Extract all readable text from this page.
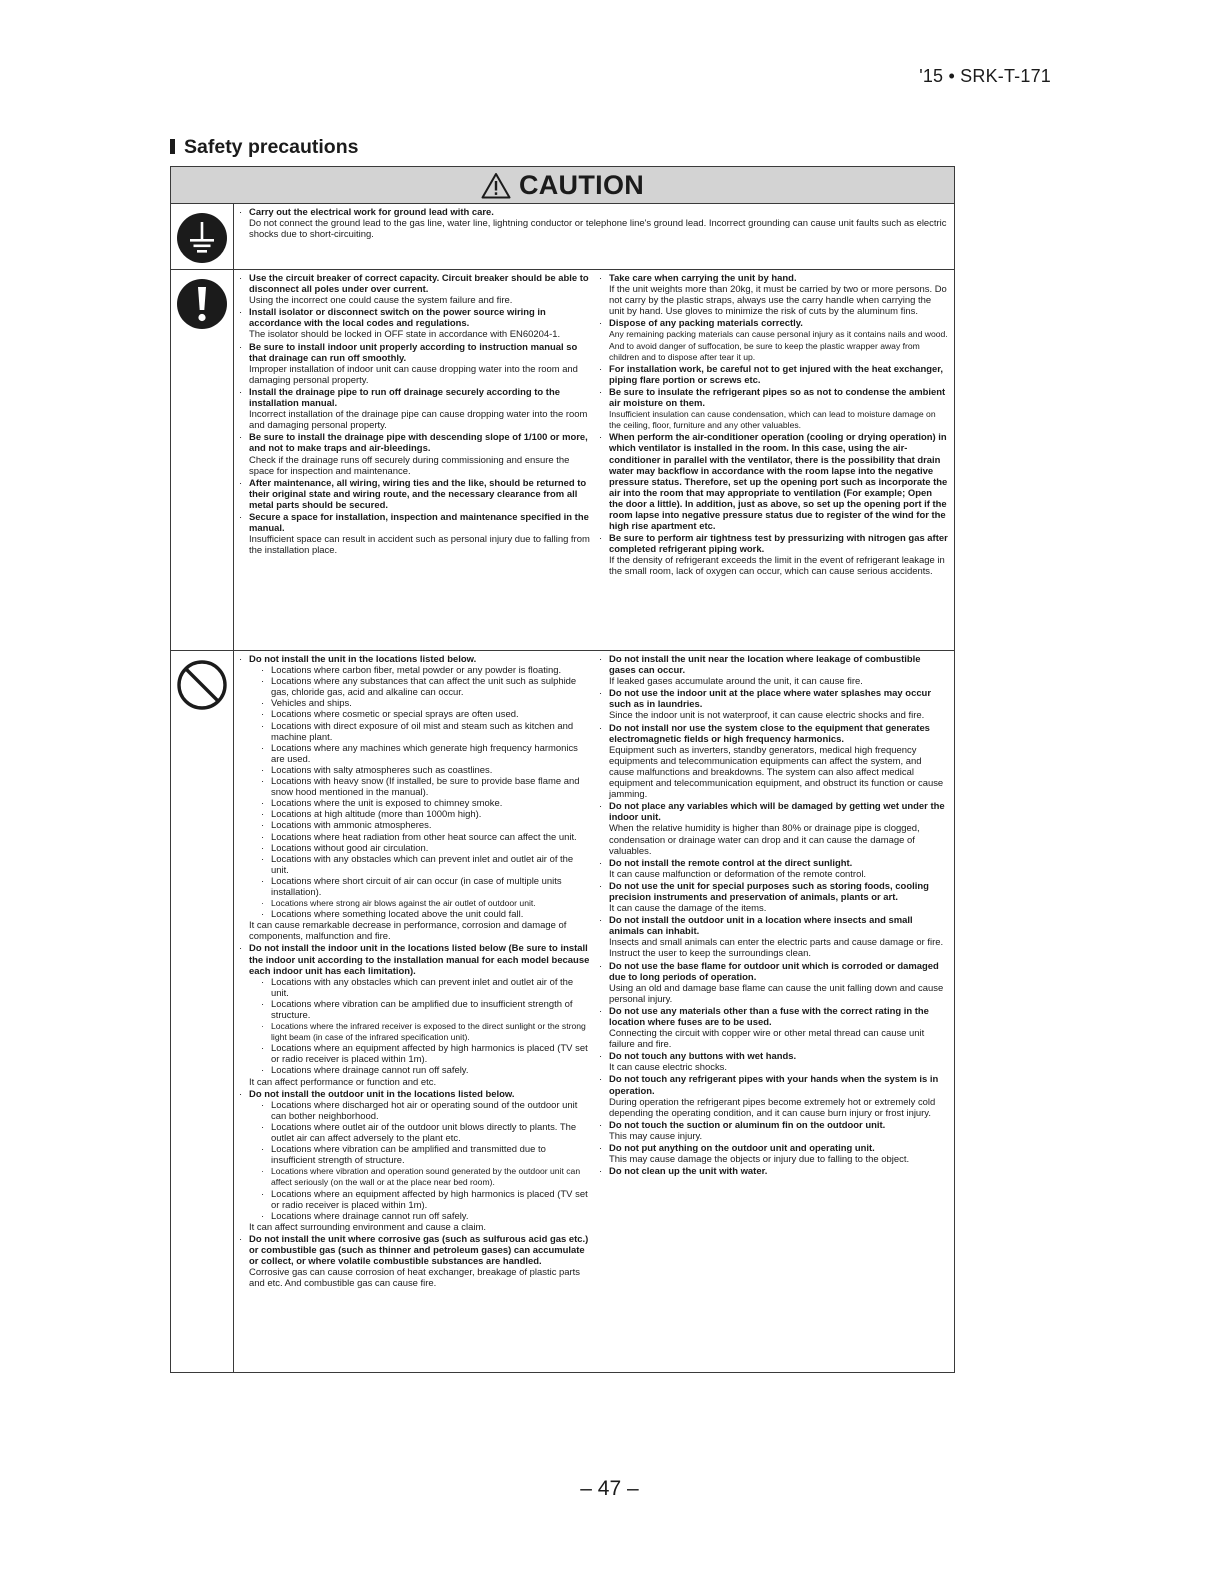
'15 • SRK-T-171
Safety precautions
CAUTION
· Carry out the electrical work for ground lead with care.
Do not connect the ground lead to the gas line, water line, lightning conductor or telephone line's ground lead. Incorrect grounding can cause unit faults such as electric shocks due to short-circuiting.
· Use the circuit breaker of correct capacity. Circuit breaker should be able to disconnect all poles under over current.
Using the incorrect one could cause the system failure and fire.
· Install isolator or disconnect switch on the power source wiring in accordance with the local codes and regulations.
The isolator should be locked in OFF state in accordance with EN60204-1.
· Be sure to install indoor unit properly according to instruction manual so that drainage can run off smoothly.
Improper installation of indoor unit can cause dropping water into the room and damaging personal property.
· Install the drainage pipe to run off drainage securely according to the installation manual.
Incorrect installation of the drainage pipe can cause dropping water into the room and damaging personal property.
· Be sure to install the drainage pipe with descending slope of 1/100 or more, and not to make traps and air-bleedings.
Check if the drainage runs off securely during commissioning and ensure the space for inspection and maintenance.
· After maintenance, all wiring, wiring ties and the like, should be returned to their original state and wiring route, and the necessary clearance from all metal parts should be secured.
· Secure a space for installation, inspection and maintenance specified in the manual.
Insufficient space can result in accident such as personal injury due to falling from the installation place.
· Take care when carrying the unit by hand.
If the unit weights more than 20kg, it must be carried by two or more persons. Do not carry by the plastic straps, always use the carry handle when carrying the unit by hand. Use gloves to minimize the risk of cuts by the aluminum fins.
· Dispose of any packing materials correctly.
Any remaining packing materials can cause personal injury as it contains nails and wood. And to avoid danger of suffocation, be sure to keep the plastic wrapper away from children and to dispose after tear it up.
· For installation work, be careful not to get injured with the heat exchanger, piping flare portion or screws etc.
· Be sure to insulate the refrigerant pipes so as not to condense the ambient air moisture on them.
Insufficient insulation can cause condensation, which can lead to moisture damage on the ceiling, floor, furniture and any other valuables.
· When perform the air-conditioner operation (cooling or drying operation) in which ventilator is installed in the room. In this case, using the air-conditioner in parallel with the ventilator, there is the possibility that drain water may backflow in accordance with the room lapse into the negative pressure status. Therefore, set up the opening port such as incorporate the air into the room that may appropriate to ventilation (For example; Open the door a little). In addition, just as above, so set up the opening port if the room lapse into negative pressure status due to register of the wind for the high rise apartment etc.
· Be sure to perform air tightness test by pressurizing with nitrogen gas after completed refrigerant piping work.
If the density of refrigerant exceeds the limit in the event of refrigerant leakage in the small room, lack of oxygen can occur, which can cause serious accidents.
· Do not install the unit in the locations listed below.
· Locations where carbon fiber, metal powder or any powder is floating.
· Locations where any substances that can affect the unit such as sulphide gas, chloride gas, acid and alkaline can occur.
· Vehicles and ships.
· Locations where cosmetic or special sprays are often used.
· Locations with direct exposure of oil mist and steam such as kitchen and machine plant.
· Locations where any machines which generate high frequency harmonics are used.
· Locations with salty atmospheres such as coastlines.
· Locations with heavy snow (If installed, be sure to provide base flame and snow hood mentioned in the manual).
· Locations where the unit is exposed to chimney smoke.
· Locations at high altitude (more than 1000m high).
· Locations with ammonic atmospheres.
· Locations where heat radiation from other heat source can affect the unit.
· Locations without good air circulation.
· Locations with any obstacles which can prevent inlet and outlet air of the unit.
· Locations where short circuit of air can occur (in case of multiple units installation).
· Locations where strong air blows against the air outlet of outdoor unit.
· Locations where something located above the unit could fall.
It can cause remarkable decrease in performance, corrosion and damage of components, malfunction and fire.
· Do not install the indoor unit in the locations listed below (Be sure to install the indoor unit according to the installation manual for each model because each indoor unit has each limitation).
· Locations with any obstacles which can prevent inlet and outlet air of the unit.
· Locations where vibration can be amplified due to insufficient strength of structure.
· Locations where the infrared receiver is exposed to the direct sunlight or the strong light beam (in case of the infrared specification unit).
· Locations where an equipment affected by high harmonics is placed (TV set or radio receiver is placed within 1m).
· Locations where drainage cannot run off safely.
It can affect performance or function and etc.
· Do not install the outdoor unit in the locations listed below.
· Locations where discharged hot air or operating sound of the outdoor unit can bother neighborhood.
· Locations where outlet air of the outdoor unit blows directly to plants. The outlet air can affect adversely to the plant etc.
· Locations where vibration can be amplified and transmitted due to insufficient strength of structure.
· Locations where vibration and operation sound generated by the outdoor unit can affect seriously (on the wall or at the place near bed room).
· Locations where an equipment affected by high harmonics is placed (TV set or radio receiver is placed within 1m).
· Locations where drainage cannot run off safely.
It can affect surrounding environment and cause a claim.
· Do not install the unit where corrosive gas (such as sulfurous acid gas etc.) or combustible gas (such as thinner and petroleum gases) can accumulate or collect, or where volatile combustible substances are handled.
Corrosive gas can cause corrosion of heat exchanger, breakage of plastic parts and etc. And combustible gas can cause fire.
· Do not install the unit near the location where leakage of combustible gases can occur.
If leaked gases accumulate around the unit, it can cause fire.
· Do not use the indoor unit at the place where water splashes may occur such as in laundries.
Since the indoor unit is not waterproof, it can cause electric shocks and fire.
· Do not install nor use the system close to the equipment that generates electromagnetic fields or high frequency harmonics.
Equipment such as inverters, standby generators, medical high frequency equipments and telecommunication equipments can affect the system, and cause malfunctions and breakdowns. The system can also affect medical equipment and telecommunication equipment, and obstruct its function or cause jamming.
· Do not place any variables which will be damaged by getting wet under the indoor unit.
When the relative humidity is higher than 80% or drainage pipe is clogged, condensation or drainage water can drop and it can cause the damage of valuables.
· Do not install the remote control at the direct sunlight.
It can cause malfunction or deformation of the remote control.
· Do not use the unit for special purposes such as storing foods, cooling precision instruments and preservation of animals, plants or art.
It can cause the damage of the items.
· Do not install the outdoor unit in a location where insects and small animals can inhabit.
Insects and small animals can enter the electric parts and cause damage or fire. Instruct the user to keep the surroundings clean.
· Do not use the base flame for outdoor unit which is corroded or damaged due to long periods of operation.
Using an old and damage base flame can cause the unit falling down and cause personal injury.
· Do not use any materials other than a fuse with the correct rating in the location where fuses are to be used.
Connecting the circuit with copper wire or other metal thread can cause unit failure and fire.
· Do not touch any buttons with wet hands.
It can cause electric shocks.
· Do not touch any refrigerant pipes with your hands when the system is in operation.
During operation the refrigerant pipes become extremely hot or extremely cold depending the operating condition, and it can cause burn injury or frost injury.
· Do not touch the suction or aluminum fin on the outdoor unit.
This may cause injury.
· Do not put anything on the outdoor unit and operating unit.
This may cause damage the objects or injury due to falling to the object.
· Do not clean up the unit with water.
– 47 –
